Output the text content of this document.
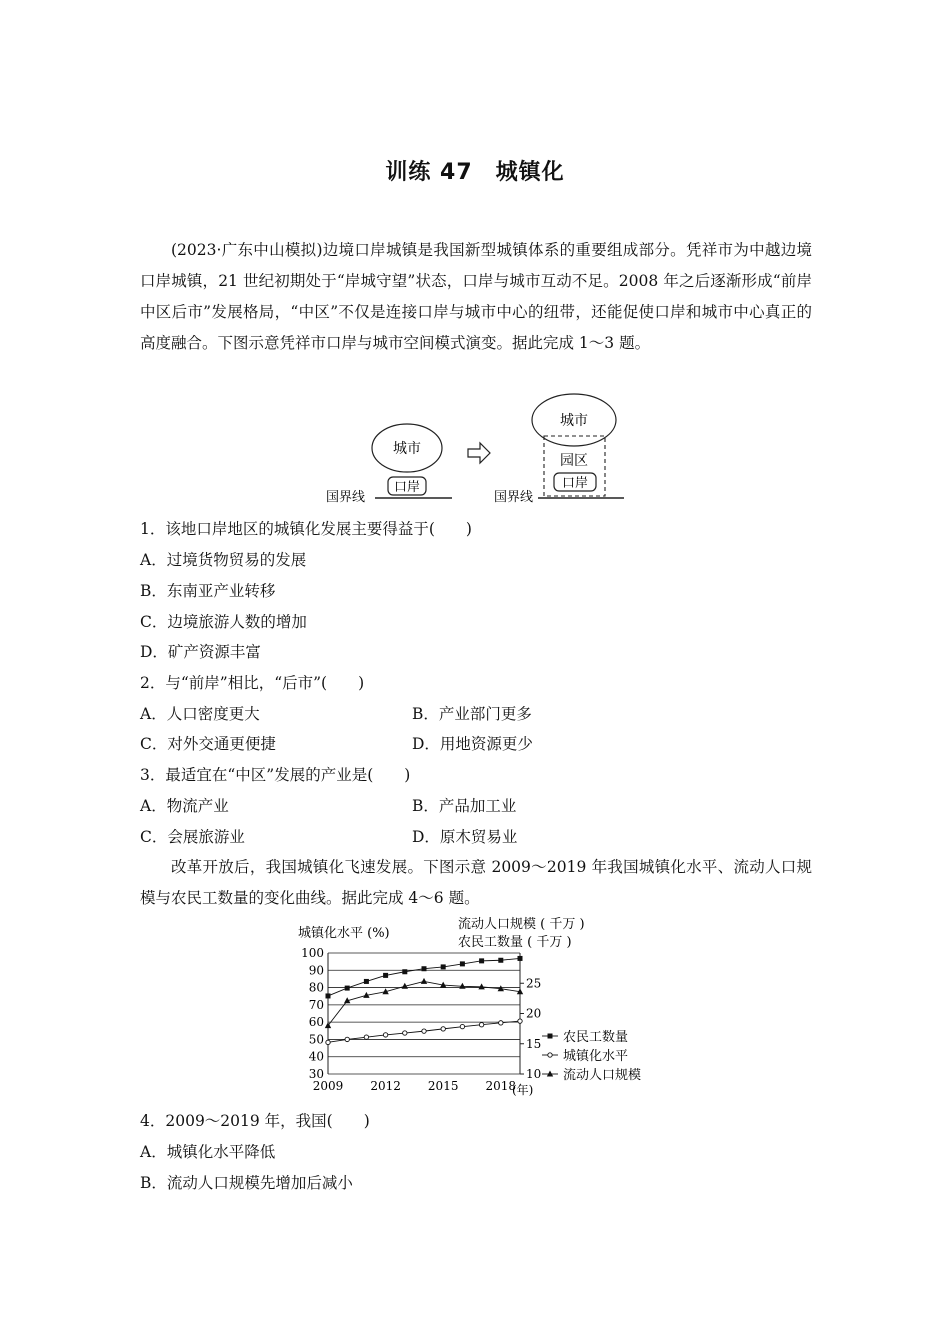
训练 47　城镇化
(2023·广东中山模拟)边境口岸城镇是我国新型城镇体系的重要组成部分。凭祥市为中越边境口岸城镇，21 世纪初期处于“岸城守望”状态，口岸与城市互动不足。2008 年之后逐渐形成“前岸中区后市”发展格局，“中区”不仅是连接口岸与城市中心的纽带，还能促使口岸和城市中心真正的高度融合。下图示意凭祥市口岸与城市空间模式演变。据此完成 1～3 题。
城市
口岸
国界线
城市
园区
口岸
国界线
1．该地口岸地区的城镇化发展主要得益于(　　)
A．过境货物贸易的发展
B．东南亚产业转移
C．边境旅游人数的增加
D．矿产资源丰富
2．与“前岸”相比，“后市”(　　)
A．人口密度更大	B．产业部门更多
C．对外交通更便捷	D．用地资源更少
3．最适宜在“中区”发展的产业是(　　)
A．物流产业	B．产品加工业
C．会展旅游业	D．原木贸易业
改革开放后，我国城镇化飞速发展。下图示意 2009～2019 年我国城镇化水平、流动人口规模与农民工数量的变化曲线。据此完成 4～6 题。
城镇化水平 (%)
流动人口规模 ( 千万 )
农民工数量 ( 千万 )
30
40
50
60
70
80
90
100
10
15
20
25
2009 2012 2015 2018
农民工数量
城镇化水平
流动人口规模
(年)
4．2009～2019 年，我国(　　)
A．城镇化水平降低
B．流动人口规模先增加后减小
